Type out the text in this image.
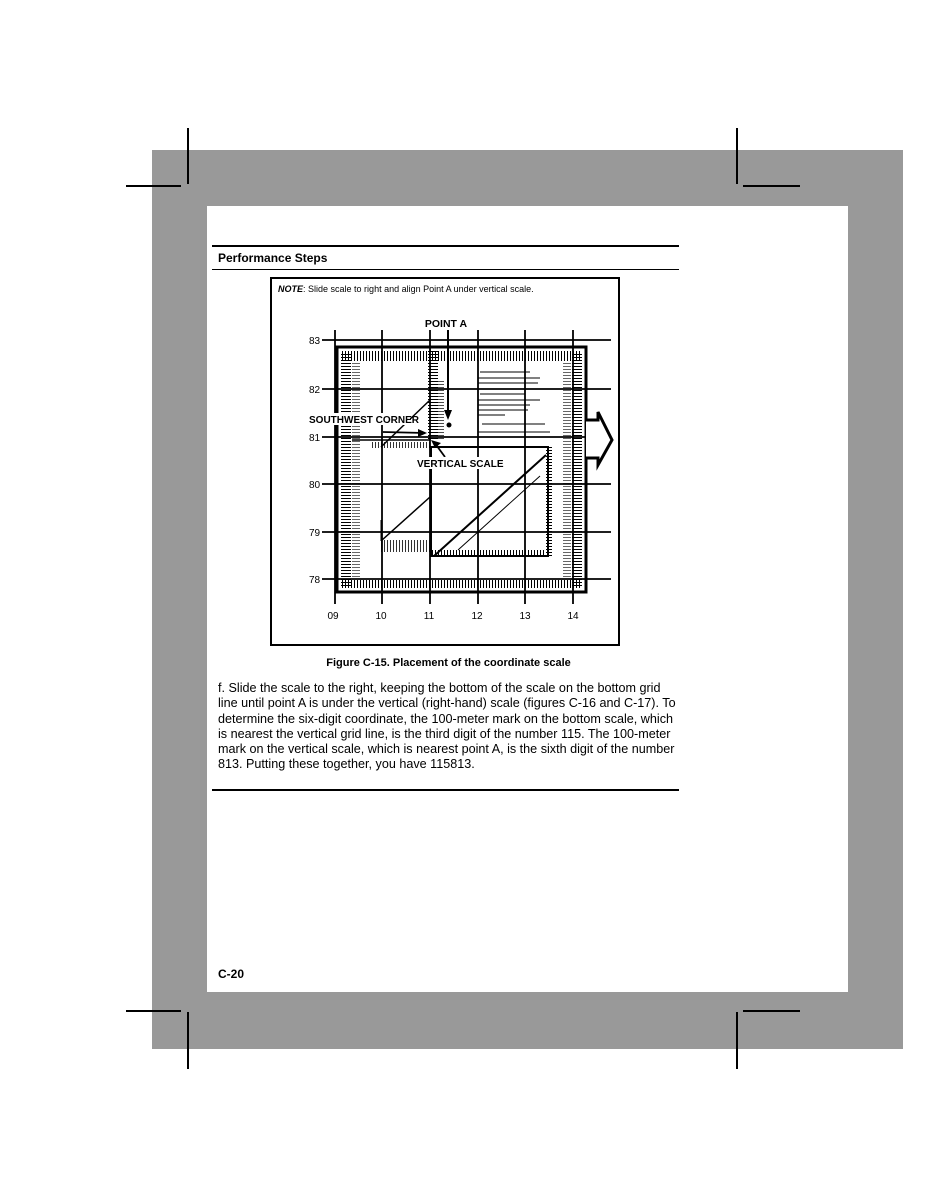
Performance Steps
NOTE: Slide scale to right and align Point A under vertical scale.
POINT A
SOUTHWEST CORNER
VERTICAL SCALE
83
82
81
80
79
78
09	10	11	12	13	14
Figure C-15. Placement of the coordinate scale
f. Slide the scale to the right, keeping the bottom of the scale on the bottom grid line until point A is under the vertical (right-hand) scale (figures C-16 and C-17). To determine the six-digit coordinate, the 100-meter mark on the bottom scale, which is nearest the vertical grid line, is the third digit of the number 115. The 100-meter mark on the vertical scale, which is nearest point A, is the sixth digit of the number 813. Putting these together, you have 115813.
C-20
